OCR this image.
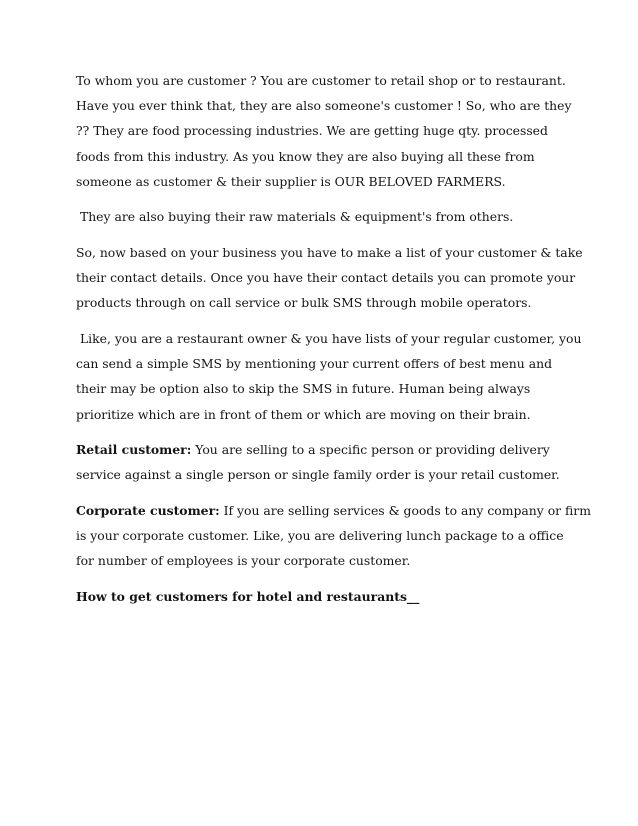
To whom you are customer ? You are customer to retail shop or to restaurant.
Have you ever think that, they are also someone's customer ! So, who are they
?? They are food processing industries. We are getting huge qty. processed
foods from this industry. As you know they are also buying all these from
someone as customer & their supplier is OUR BELOVED FARMERS.

They are also buying their raw materials & equipment's from others.

So, now based on your business you have to make a list of your customer & take
their contact details. Once you have their contact details you can promote your
products through on call service or bulk SMS through mobile operators.

Like, you are a restaurant owner & you have lists of your regular customer, you
can send a simple SMS by mentioning your current offers of best menu and
their may be option also to skip the SMS in future. Human being always
prioritize which are in front of them or which are moving on their brain.

Retail customer: You are selling to a specific person or providing delivery
service against a single person or single family order is your retail customer.

Corporate customer: If you are selling services & goods to any company or firm
is your corporate customer. Like, you are delivering lunch package to a office
for number of employees is your corporate customer.

How to get customers for hotel and restaurants__
